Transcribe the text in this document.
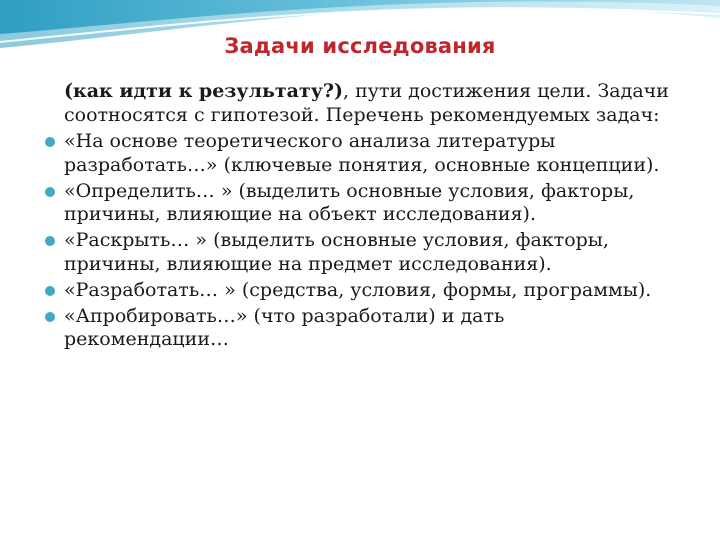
Задачи исследования

(как идти к результату?), пути достижения цели. Задачи соотносятся с гипотезой. Перечень рекомендуемых задач:

«На основе теоретического анализа литературы разработать…» (ключевые понятия, основные концепции).
«Определить… » (выделить основные условия, факторы, причины, влияющие на объект исследования).
«Раскрыть… » (выделить основные условия, факторы, причины, влияющие на предмет исследования).
«Разработать… » (средства, условия, формы, программы).
«Апробировать…» (что разработали) и дать рекомендации…
